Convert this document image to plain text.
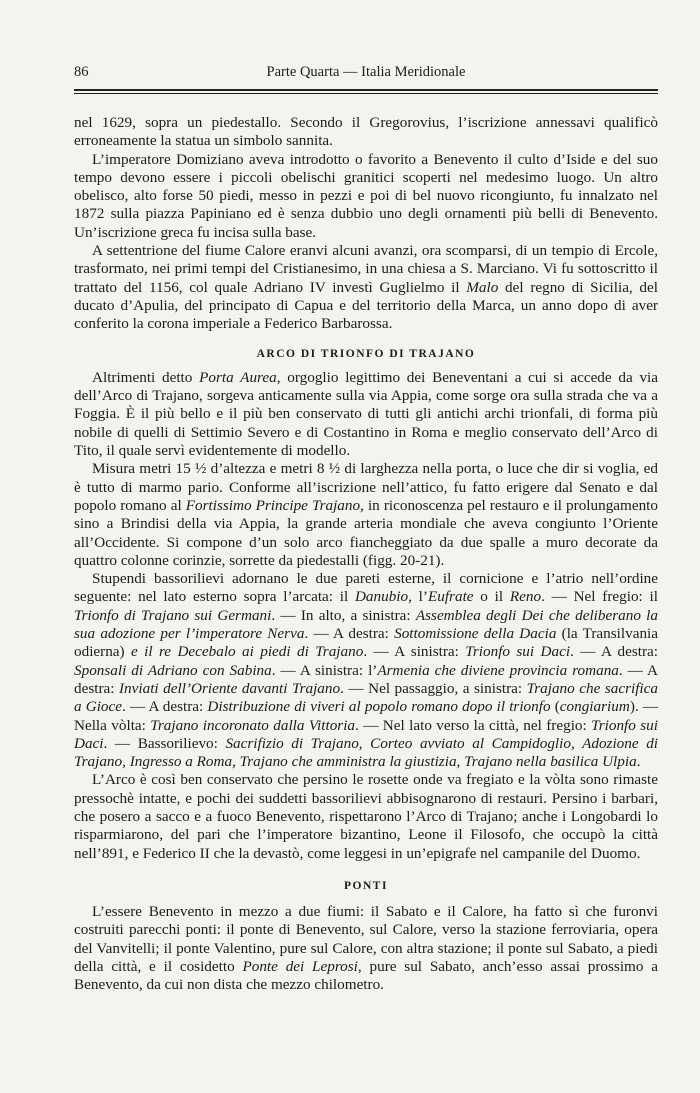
86	Parte Quarta — Italia Meridionale

nel 1629, sopra un piedestallo. Secondo il Gregorovius, l’iscrizione annessavi qualificò erroneamente la statua un simbolo sannita.

L’imperatore Domiziano aveva introdotto o favorito a Benevento il culto d’Iside e del suo tempo devono essere i piccoli obelischi granitici scoperti nel medesimo luogo. Un altro obelisco, alto forse 50 piedi, messo in pezzi e poi di bel nuovo ricongiunto, fu innalzato nel 1872 sulla piazza Papiniano ed è senza dubbio uno degli ornamenti più belli di Benevento. Un’iscrizione greca fu incisa sulla base.

A settentrione del fiume Calore eranvi alcuni avanzi, ora scomparsi, di un tempio di Ercole, trasformato, nei primi tempi del Cristianesimo, in una chiesa a S. Marciano. Vi fu sottoscritto il trattato del 1156, col quale Adriano IV investì Guglielmo il Malo del regno di Sicilia, del ducato d’Apulia, del principato di Capua e del territorio della Marca, un anno dopo di aver conferito la corona imperiale a Federico Barbarossa.

ARCO DI TRIONFO DI TRAJANO

Altrimenti detto Porta Aurea, orgoglio legittimo dei Beneventani a cui si accede da via dell’Arco di Trajano, sorgeva anticamente sulla via Appia, come sorge ora sulla strada che va a Foggia. È il più bello e il più ben conservato di tutti gli antichi archi trionfali, di forma più nobile di quelli di Settimio Severo e di Costantino in Roma e meglio conservato dell’Arco di Tito, il quale servì evidentemente di modello.

Misura metri 15 ½ d’altezza e metri 8 ½ di larghezza nella porta, o luce che dir si voglia, ed è tutto di marmo pario. Conforme all’iscrizione nell’attico, fu fatto erigere dal Senato e dal popolo romano al Fortissimo Principe Trajano, in riconoscenza pel restauro e il prolungamento sino a Brindisi della via Appia, la grande arteria mondiale che aveva congiunto l’Oriente all’Occidente. Si compone d’un solo arco fiancheggiato da due spalle a muro decorate da quattro colonne corinzie, sorrette da piedestalli (figg. 20-21).

Stupendi bassorilievi adornano le due pareti esterne, il cornicione e l’atrio nell’ordine seguente: nel lato esterno sopra l’arcata: il Danubio, l’Eufrate o il Reno. — Nel fregio: il Trionfo di Trajano sui Germani. — In alto, a sinistra: Assemblea degli Dei che deliberano la sua adozione per l’imperatore Nerva. — A destra: Sottomissione della Dacia (la Transilvania odierna) e il re Decebalo ai piedi di Trajano. — A sinistra: Trionfo sui Daci. — A destra: Sponsali di Adriano con Sabina. — A sinistra: l’Armenia che diviene provincia romana. — A destra: Inviati dell’Oriente davanti Trajano. — Nel passaggio, a sinistra: Trajano che sacrifica a Gioce. — A destra: Distribuzione di viveri al popolo romano dopo il trionfo (congiarium). — Nella vòlta: Trajano incoronato dalla Vittoria. — Nel lato verso la città, nel fregio: Trionfo sui Daci. — Bassorilievo: Sacrifizio di Trajano, Corteo avviato al Campidoglio, Adozione di Trajano, Ingresso a Roma, Trajano che amministra la giustizia, Trajano nella basilica Ulpia.

L’Arco è così ben conservato che persino le rosette onde va fregiato e la vòlta sono rimaste pressochè intatte, e pochi dei suddetti bassorilievi abbisognarono di restauri. Persino i barbari, che posero a sacco e a fuoco Benevento, rispettarono l’Arco di Trajano; anche i Longobardi lo risparmiarono, del pari che l’imperatore bizantino, Leone il Filosofo, che occupò la città nell’891, e Federico II che la devastò, come leggesi in un’epigrafe nel campanile del Duomo.

PONTI

L’essere Benevento in mezzo a due fiumi: il Sabato e il Calore, ha fatto sì che furonvi costruiti parecchi ponti: il ponte di Benevento, sul Calore, verso la stazione ferroviaria, opera del Vanvitelli; il ponte Valentino, pure sul Calore, con altra stazione; il ponte sul Sabato, a piedi della città, e il cosidetto Ponte dei Leprosi, pure sul Sabato, anch’esso assai prossimo a Benevento, da cui non dista che mezzo chilometro.
